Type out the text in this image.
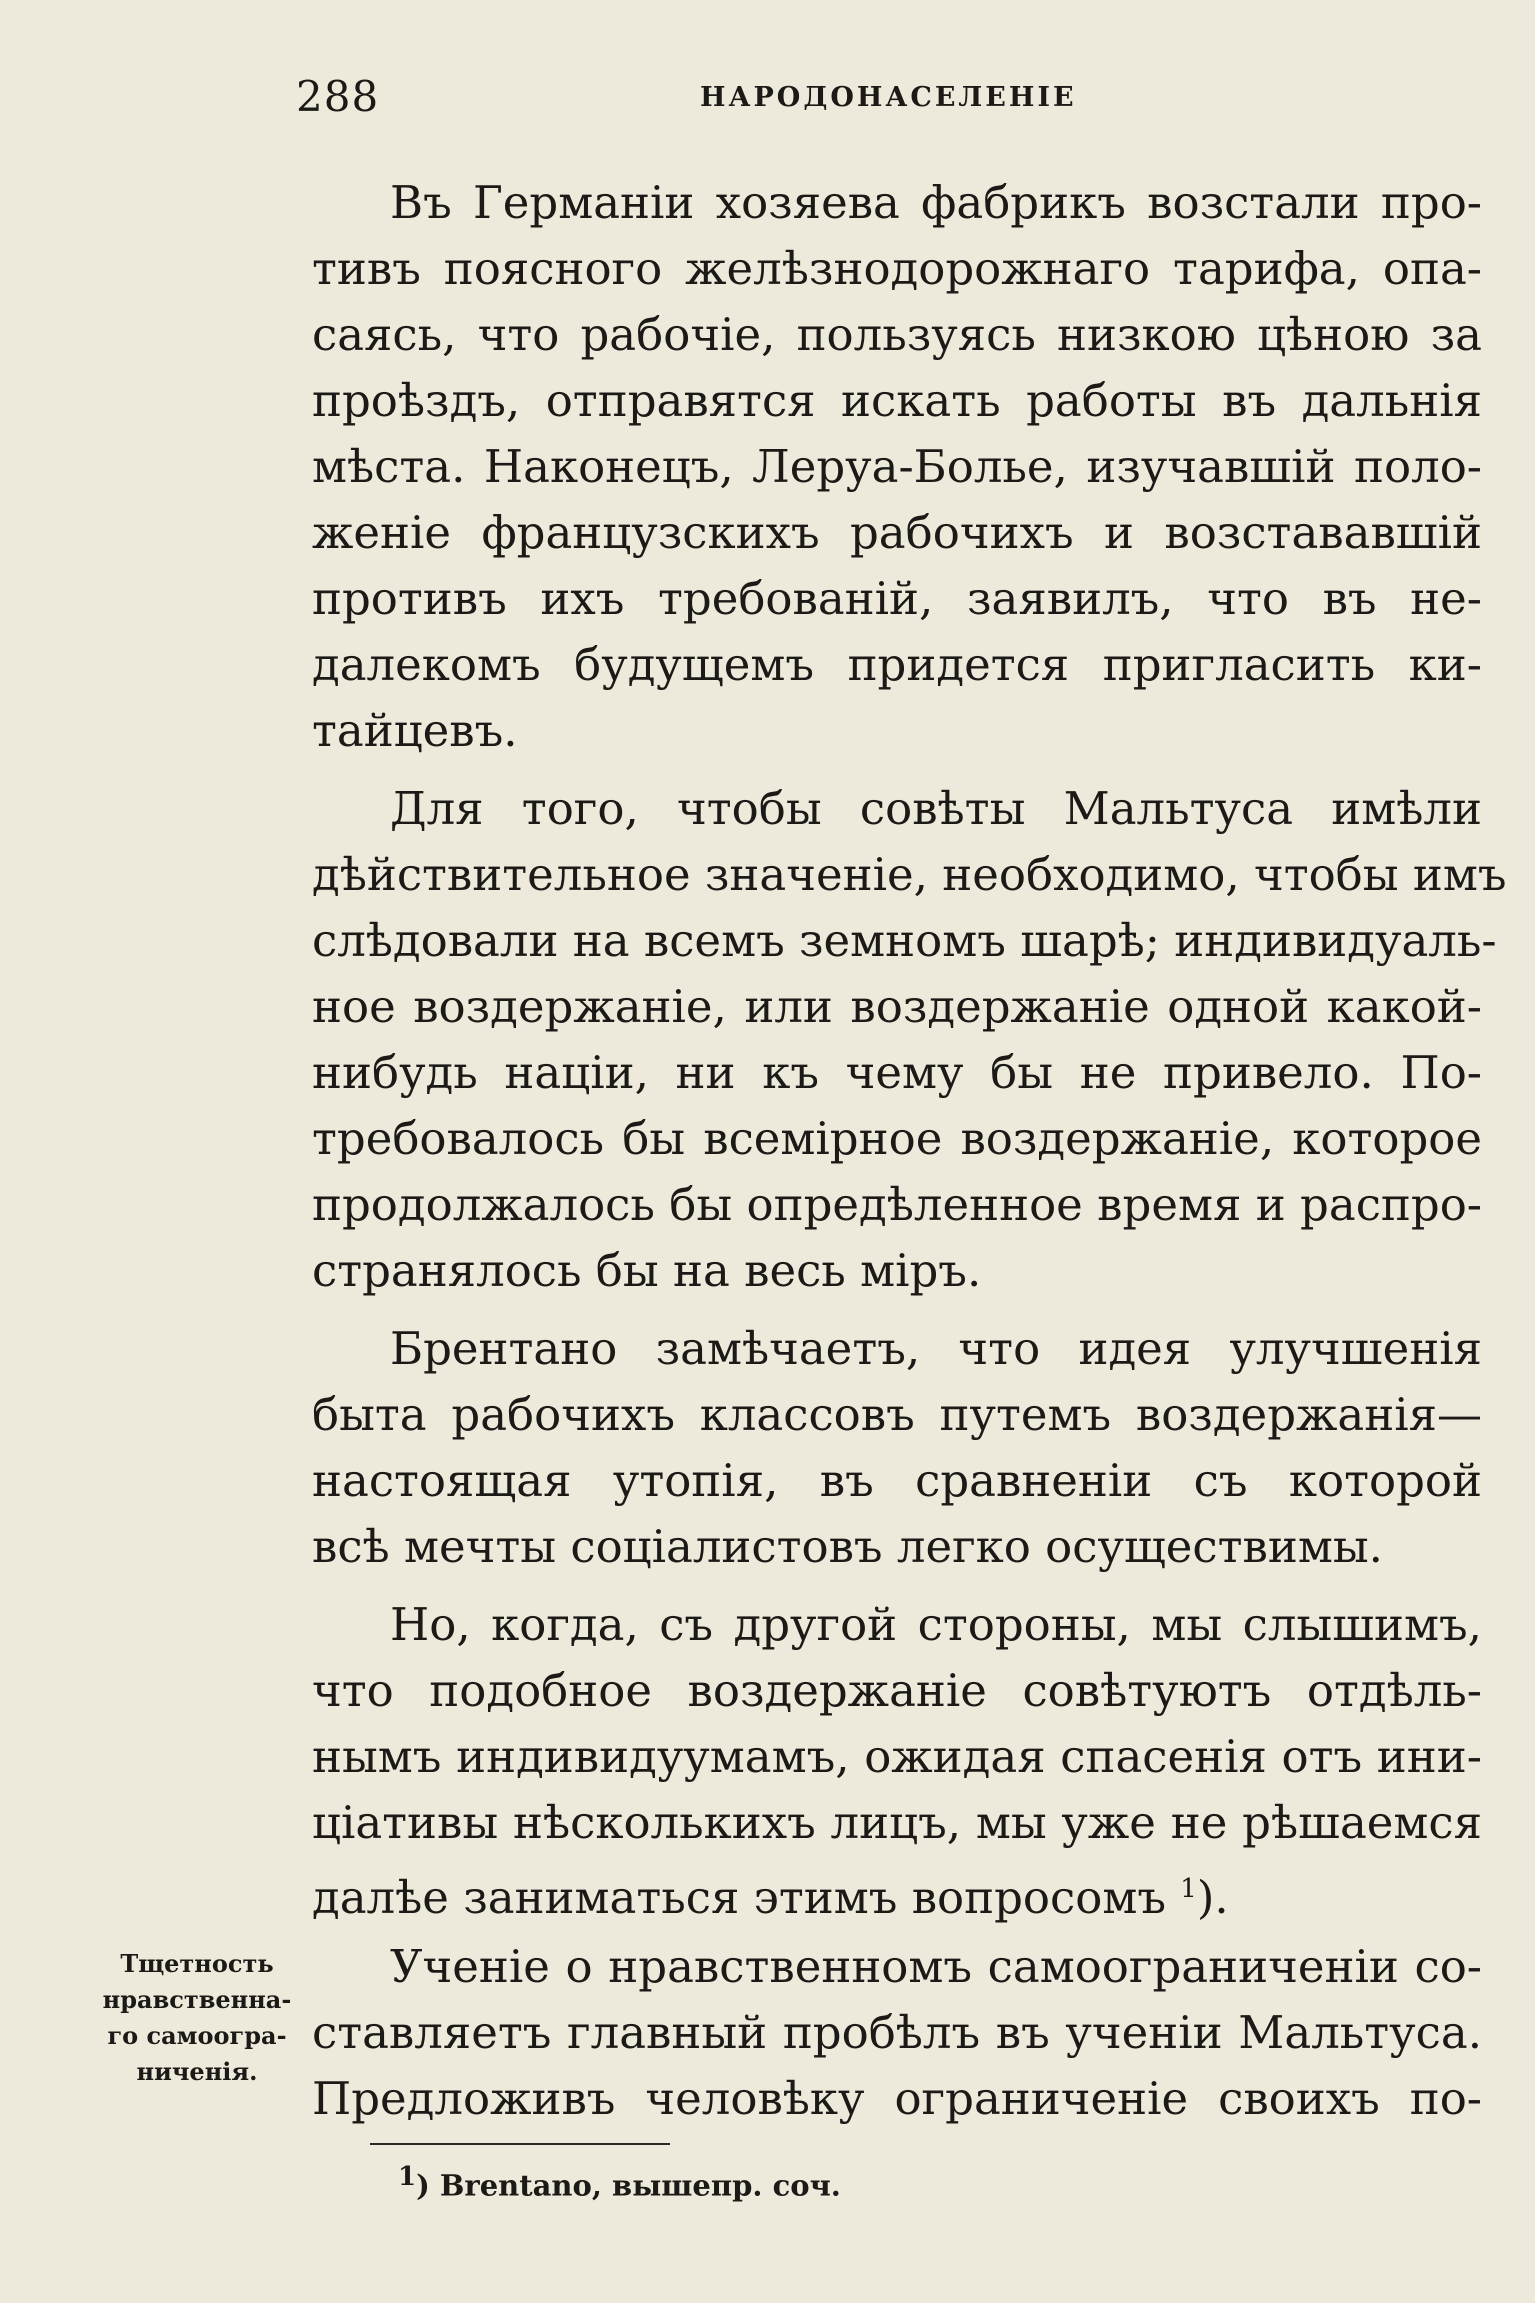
288	НАРОДОНАСЕЛЕНІЕ
Въ Германіи хозяева фабрикъ возстали про-
тивъ поясного желѣзнодорожнаго тарифа, опа-
саясь, что рабочіе, пользуясь низкою цѣною за
проѣздъ, отправятся искать работы въ дальнія
мѣста. Наконецъ, Леруа-Болье, изучавшій поло-
женіе французскихъ рабочихъ и возстававшій
противъ ихъ требованій, заявилъ, что въ не-
далекомъ будущемъ придется пригласить ки-
тайцевъ.
Для того, чтобы совѣты Мальтуса имѣли
дѣйствительное значеніе, необходимо, чтобы имъ
слѣдовали на всемъ земномъ шарѣ; индивидуаль-
ное воздержаніе, или воздержаніе одной какой-
нибудь націи, ни къ чему бы не привело. По-
требовалось бы всемірное воздержаніе, которое
продолжалось бы опредѣленное время и распро-
странялось бы на весь міръ.
Брентано замѣчаетъ, что идея улучшенія
быта рабочихъ классовъ путемъ воздержанія—
настоящая утопія, въ сравненіи съ которой
всѣ мечты соціалистовъ легко осуществимы.
Но, когда, съ другой стороны, мы слышимъ,
что подобное воздержаніе совѣтуютъ отдѣль-
нымъ индивидуумамъ, ожидая спасенія отъ ини-
ціативы нѣсколькихъ лицъ, мы уже не рѣшаемся
далѣе заниматься этимъ вопросомъ $^1$).
Ученіе о нравственномъ самоограниченіи со-
ставляетъ главный пробѣлъ въ ученіи Мальтуса.
Предложивъ человѣку ограниченіе своихъ по-
Тщетность
нравственна-
го самоогра-
ниченія.
$^1$) Brentano, вышепр. соч.
